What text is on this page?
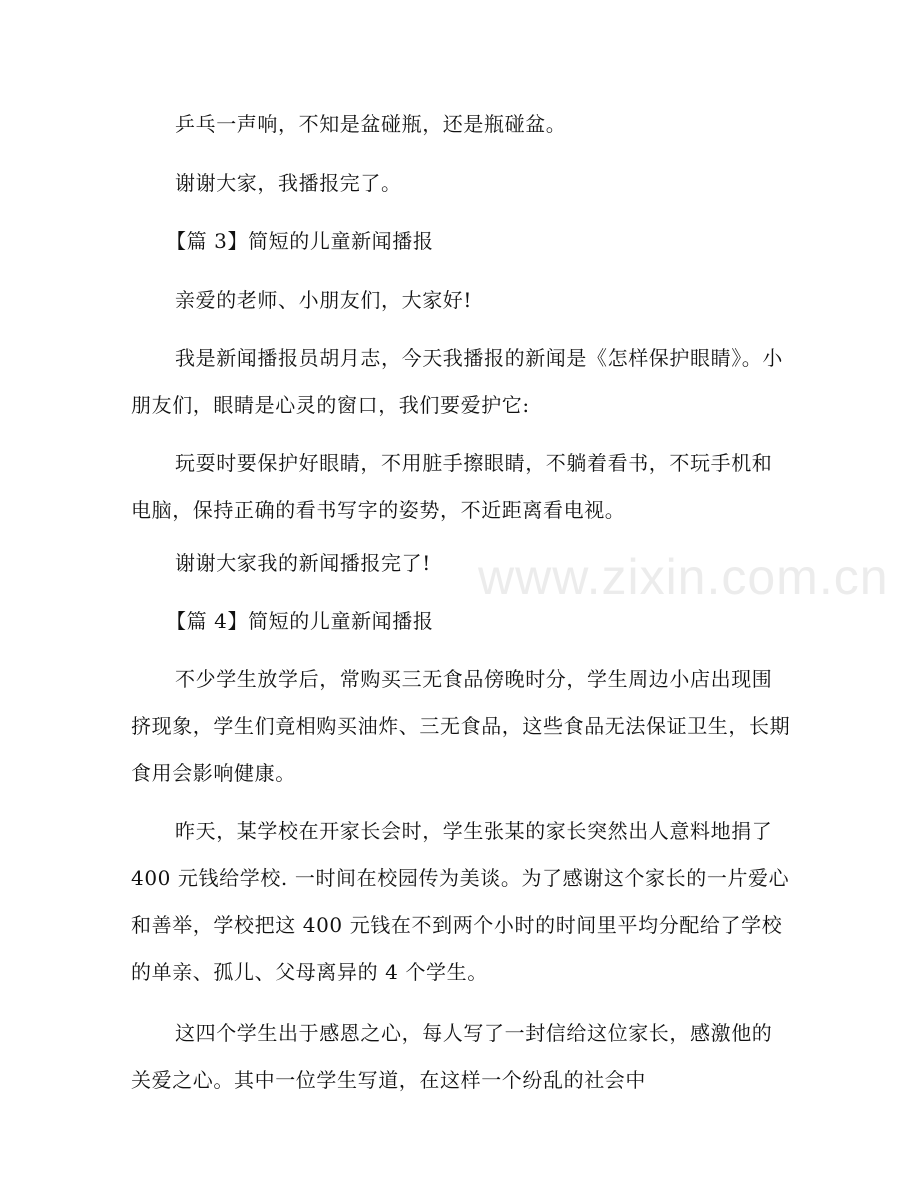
乒乓一声响，不知是盆碰瓶，还是瓶碰盆。

谢谢大家，我播报完了。

【篇 3】简短的儿童新闻播报

亲爱的老师、小朋友们，大家好!

我是新闻播报员胡月志，今天我播报的新闻是《怎样保护眼睛》。小朋友们，眼睛是心灵的窗口，我们要爱护它:

玩耍时要保护好眼睛，不用脏手擦眼睛，不躺着看书，不玩手机和电脑，保持正确的看书写字的姿势，不近距离看电视。

谢谢大家我的新闻播报完了!

【篇 4】简短的儿童新闻播报

不少学生放学后，常购买三无食品傍晚时分，学生周边小店出现围挤现象，学生们竟相购买油炸、三无食品，这些食品无法保证卫生，长期食用会影响健康。

昨天，某学校在开家长会时，学生张某的家长突然出人意料地捐了 400 元钱给学校. 一时间在校园传为美谈。为了感谢这个家长的一片爱心和善举，学校把这 400 元钱在不到两个小时的时间里平均分配给了学校的单亲、孤儿、父母离异的 4 个学生。

这四个学生出于感恩之心，每人写了一封信给这位家长，感激他的关爱之心。其中一位学生写道，在这样一个纷乱的社会中

www.zixin.com.cn
